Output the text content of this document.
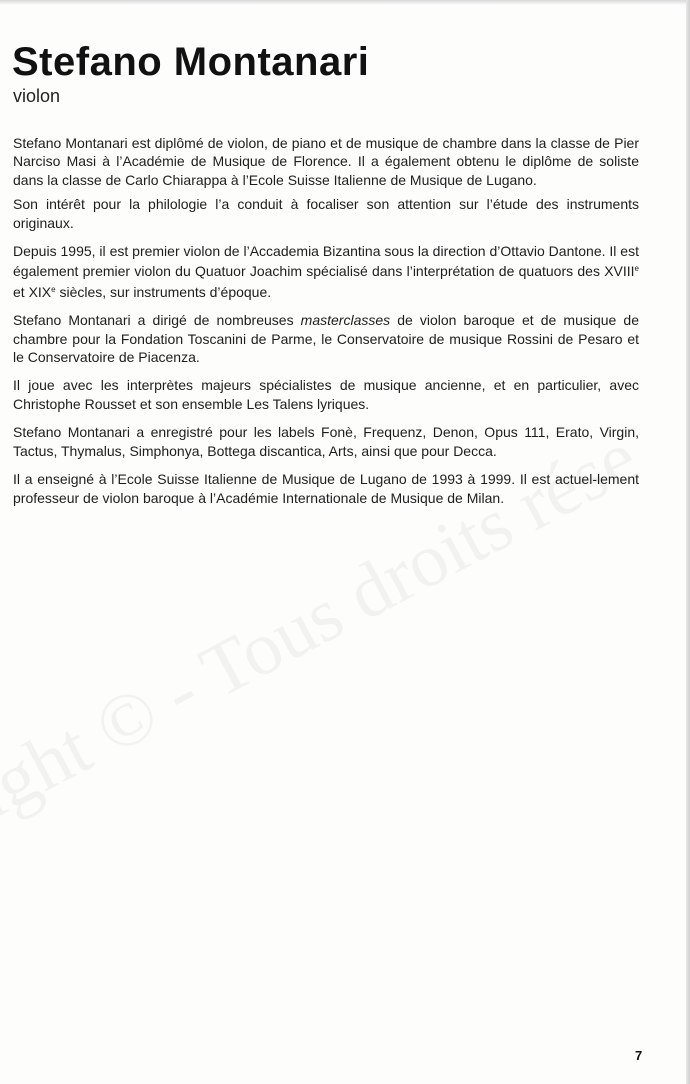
Stefano Montanari
violon

Stefano Montanari est diplômé de violon, de piano et de musique de chambre dans la classe de Pier Narciso Masi à l’Académie de Musique de Florence. Il a également obtenu le diplôme de soliste dans la classe de Carlo Chiarappa à l’Ecole Suisse Italienne de Musique de Lugano.

Son intérêt pour la philologie l’a conduit à focaliser son attention sur l’étude des instruments originaux.

Depuis 1995, il est premier violon de l’Accademia Bizantina sous la direction d’Ottavio Dantone. Il est également premier violon du Quatuor Joachim spécialisé dans l’interprétation de quatuors des XVIIIe et XIXe siècles, sur instruments d’époque.

Stefano Montanari a dirigé de nombreuses masterclasses de violon baroque et de musique de chambre pour la Fondation Toscanini de Parme, le Conservatoire de musique Rossini de Pesaro et le Conservatoire de Piacenza.

Il joue avec les interprètes majeurs spécialistes de musique ancienne, et en particulier, avec Christophe Rousset et son ensemble Les Talens lyriques.

Stefano Montanari a enregistré pour les labels Fonè, Frequenz, Denon, Opus 111, Erato, Virgin, Tactus, Thymalus, Simphonya, Bottega discantica, Arts, ainsi que pour Decca.

Il a enseigné à l’Ecole Suisse Italienne de Musique de Lugano de 1993 à 1999. Il est actuel-lement professeur de violon baroque à l’Académie Internationale de Musique de Milan.

7
